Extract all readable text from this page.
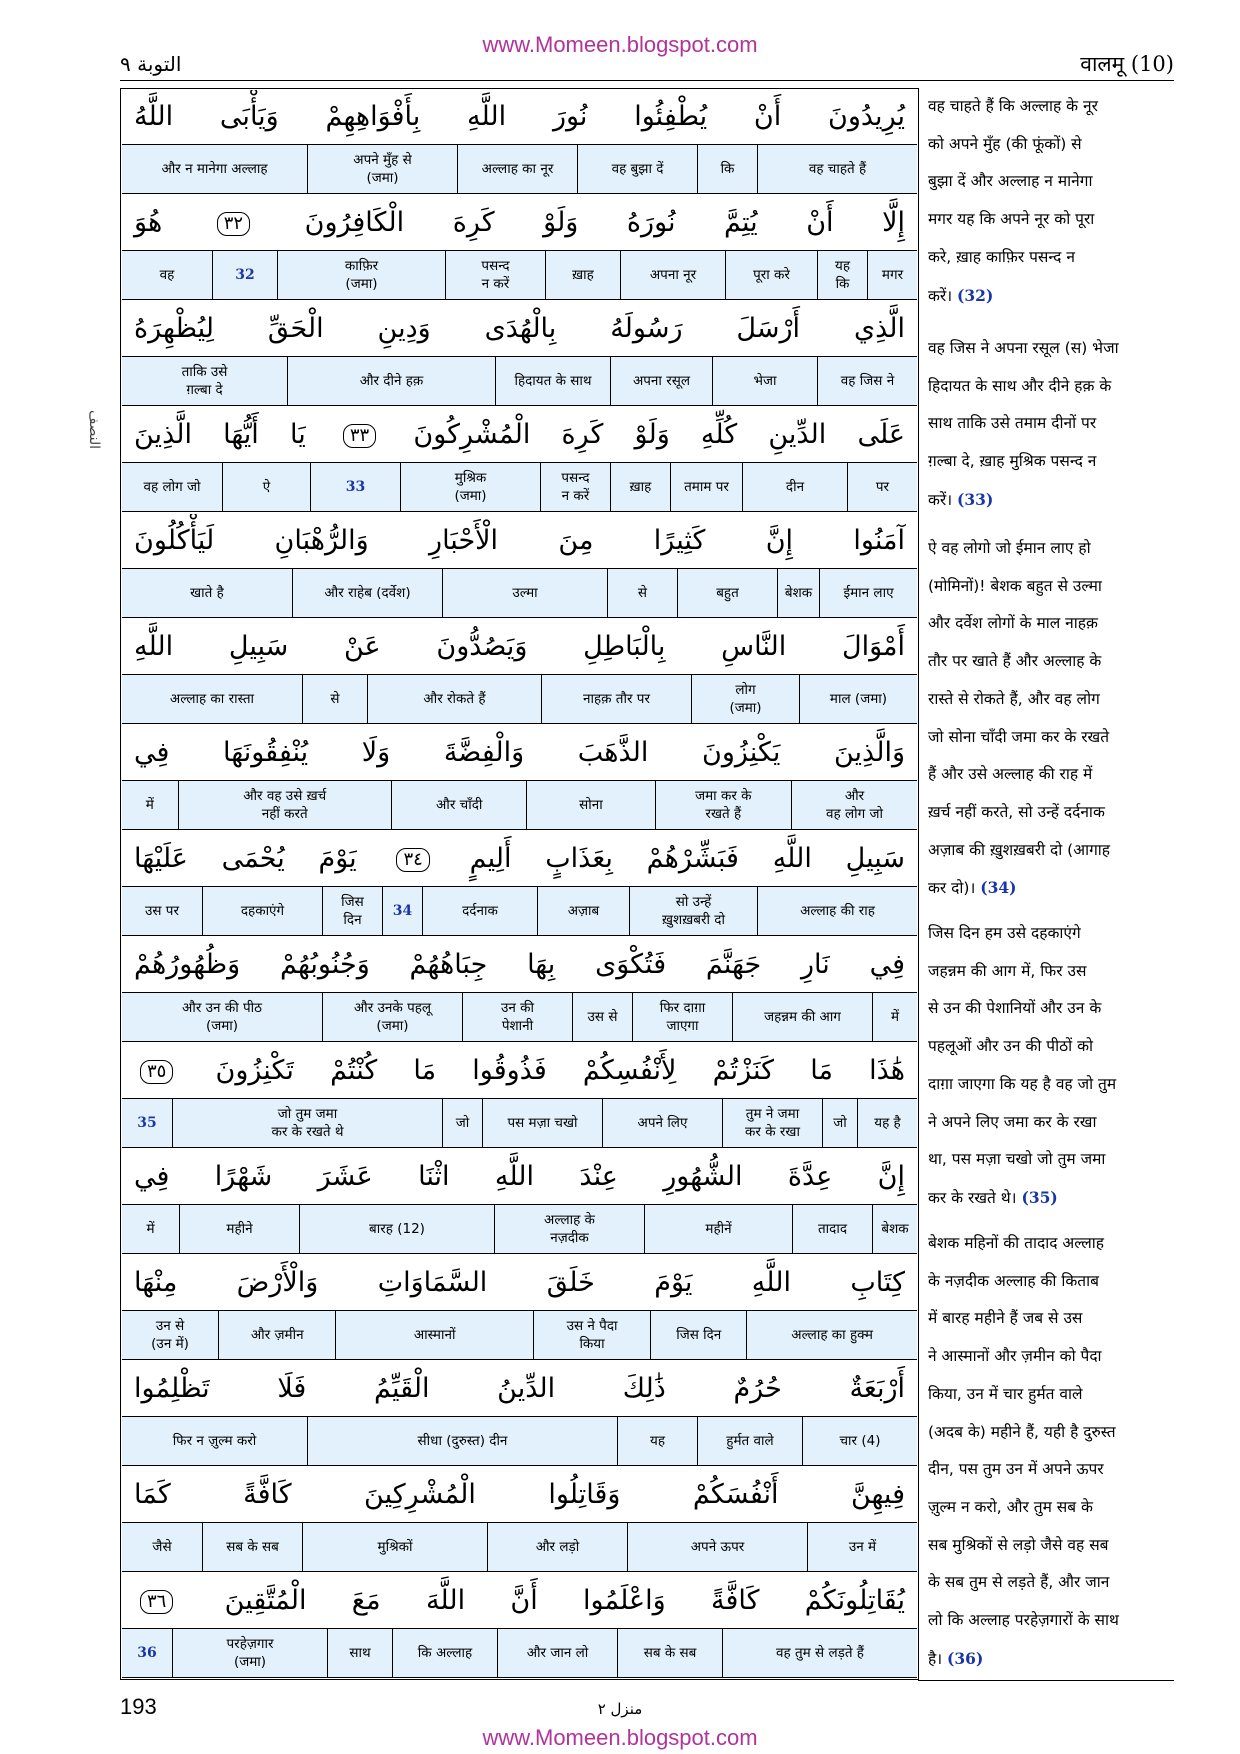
www.Momeen.blogspot.com
التوبة ٩	वालमू (10)
النصف
يُرِيدُونَ أَنْ يُطْفِئُوا نُورَ اللَّهِ بِأَفْوَاهِهِمْ وَيَأْبَى اللَّهُ
वह चाहते हैं
कि
वह बुझा दें
अल्लाह का नूर
अपने मुँह से
(जमा)
और न मानेगा अल्लाह
إِلَّا أَنْ يُتِمَّ نُورَهُ وَلَوْ كَرِهَ الْكَافِرُونَ ٣٢ هُوَ
मगर
यह
कि
पूरा करे
अपना नूर
ख़ाह
पसन्द
न करें
काफ़िर
(जमा)
32
वह
الَّذِي أَرْسَلَ رَسُولَهُ بِالْهُدَى وَدِينِ الْحَقِّ لِيُظْهِرَهُ
वह जिस ने
भेजा
अपना रसूल
हिदायत के साथ
और दीने हक़
ताकि उसे
ग़ल्बा दे
عَلَى الدِّينِ كُلِّهِ وَلَوْ كَرِهَ الْمُشْرِكُونَ ٣٣ يَا أَيُّهَا الَّذِينَ
पर
दीन
तमाम पर
ख़ाह
पसन्द
न करें
मुश्रिक
(जमा)
33
ऐ
वह लोग जो
آمَنُوا إِنَّ كَثِيرًا مِنَ الْأَحْبَارِ وَالرُّهْبَانِ لَيَأْكُلُونَ
ईमान लाए
बेशक
बहुत
से
उल्मा
और राहेब (दर्वेश)
खाते है
أَمْوَالَ النَّاسِ بِالْبَاطِلِ وَيَصُدُّونَ عَنْ سَبِيلِ اللَّهِ
माल (जमा)
लोग
(जमा)
नाहक़ तौर पर
और रोकते हैं
से
अल्लाह का रास्ता
وَالَّذِينَ يَكْنِزُونَ الذَّهَبَ وَالْفِضَّةَ وَلَا يُنْفِقُونَهَا فِي
और
वह लोग जो
जमा कर के
रखते हैं
सोना
और चाँदी
और वह उसे ख़र्च
नहीं करते
में
سَبِيلِ اللَّهِ فَبَشِّرْهُمْ بِعَذَابٍ أَلِيمٍ ٣٤ يَوْمَ يُحْمَى عَلَيْهَا
अल्लाह की राह
सो उन्हें
ख़ुशख़बरी दो
अज़ाब
दर्दनाक
34
जिस
दिन
दहकाएंगे
उस पर
فِي نَارِ جَهَنَّمَ فَتُكْوَى بِهَا جِبَاهُهُمْ وَجُنُوبُهُمْ وَظُهُورُهُمْ
में
जहन्नम की आग
फिर दाग़ा
जाएगा
उस से
उन की
पेशानी
और उनके पहलू
(जमा)
और उन की पीठ
(जमा)
هَٰذَا مَا كَنَزْتُمْ لِأَنْفُسِكُمْ فَذُوقُوا مَا كُنْتُمْ تَكْنِزُونَ ٣٥
यह है
जो
तुम ने जमा
कर के रखा
अपने लिए
पस मज़ा चखो
जो
जो तुम जमा
कर के रखते थे
35
إِنَّ عِدَّةَ الشُّهُورِ عِنْدَ اللَّهِ اثْنَا عَشَرَ شَهْرًا فِي
बेशक
तादाद
महीनें
अल्लाह के
नज़दीक
बारह (12)
महीने
में
كِتَابِ اللَّهِ يَوْمَ خَلَقَ السَّمَاوَاتِ وَالْأَرْضَ مِنْهَا
अल्लाह का हुक्म
जिस दिन
उस ने पैदा
किया
आस्मानों
और ज़मीन
उन से
(उन में)
أَرْبَعَةٌ حُرُمٌ ذَٰلِكَ الدِّينُ الْقَيِّمُ فَلَا تَظْلِمُوا
चार (4)
हुर्मत वाले
यह
सीधा (दुरुस्त) दीन
फिर न ज़ुल्म करो
فِيهِنَّ أَنْفُسَكُمْ وَقَاتِلُوا الْمُشْرِكِينَ كَافَّةً كَمَا
उन में
अपने ऊपर
और लड़ो
मुश्रिकों
सब के सब
जैसे
يُقَاتِلُونَكُمْ كَافَّةً وَاعْلَمُوا أَنَّ اللَّهَ مَعَ الْمُتَّقِينَ ٣٦
वह तुम से लड़ते हैं
सब के सब
और जान लो
कि अल्लाह
साथ
परहेज़गार
(जमा)
36
वह चाहते हैं कि अल्लाह के नूर
को अपने मुँह (की फूंकों) से
बुझा दें और अल्लाह न मानेगा
मगर यह कि अपने नूर को पूरा
करे, ख़ाह काफ़िर पसन्द न
करें। (32)
वह जिस ने अपना रसूल (स) भेजा
हिदायत के साथ और दीने हक़ के
साथ ताकि उसे तमाम दीनों पर
ग़ल्बा दे, ख़ाह मुश्रिक पसन्द न
करें। (33)
ऐ वह लोगो जो ईमान लाए हो
(मोमिनों)! बेशक बहुत से उल्मा
और दर्वेश लोगों के माल नाहक़
तौर पर खाते हैं और अल्लाह के
रास्ते से रोकते हैं, और वह लोग
जो सोना चाँदी जमा कर के रखते
हैं और उसे अल्लाह की राह में
ख़र्च नहीं करते, सो उन्हें दर्दनाक
अज़ाब की ख़ुशख़बरी दो (आगाह
कर दो)। (34)
जिस दिन हम उसे दहकाएंगे
जहन्नम की आग में, फिर उस
से उन की पेशानियों और उन के
पहलूओं और उन की पीठों को
दाग़ा जाएगा कि यह है वह जो तुम
ने अपने लिए जमा कर के रखा
था, पस मज़ा चखो जो तुम जमा
कर के रखते थे। (35)
बेशक महिनों की तादाद अल्लाह
के नज़दीक अल्लाह की किताब
में बारह महीने हैं जब से उस
ने आस्मानों और ज़मीन को पैदा
किया, उन में चार हुर्मत वाले
(अदब के) महीने हैं, यही है दुरुस्त
दीन, पस तुम उन में अपने ऊपर
ज़ुल्म न करो, और तुम सब के
सब मुश्रिकों से लड़ो जैसे वह सब
के सब तुम से लड़ते हैं, और जान
लो कि अल्लाह परहेज़गारों के साथ
है। (36)
193	منزل ٢
www.Momeen.blogspot.com
